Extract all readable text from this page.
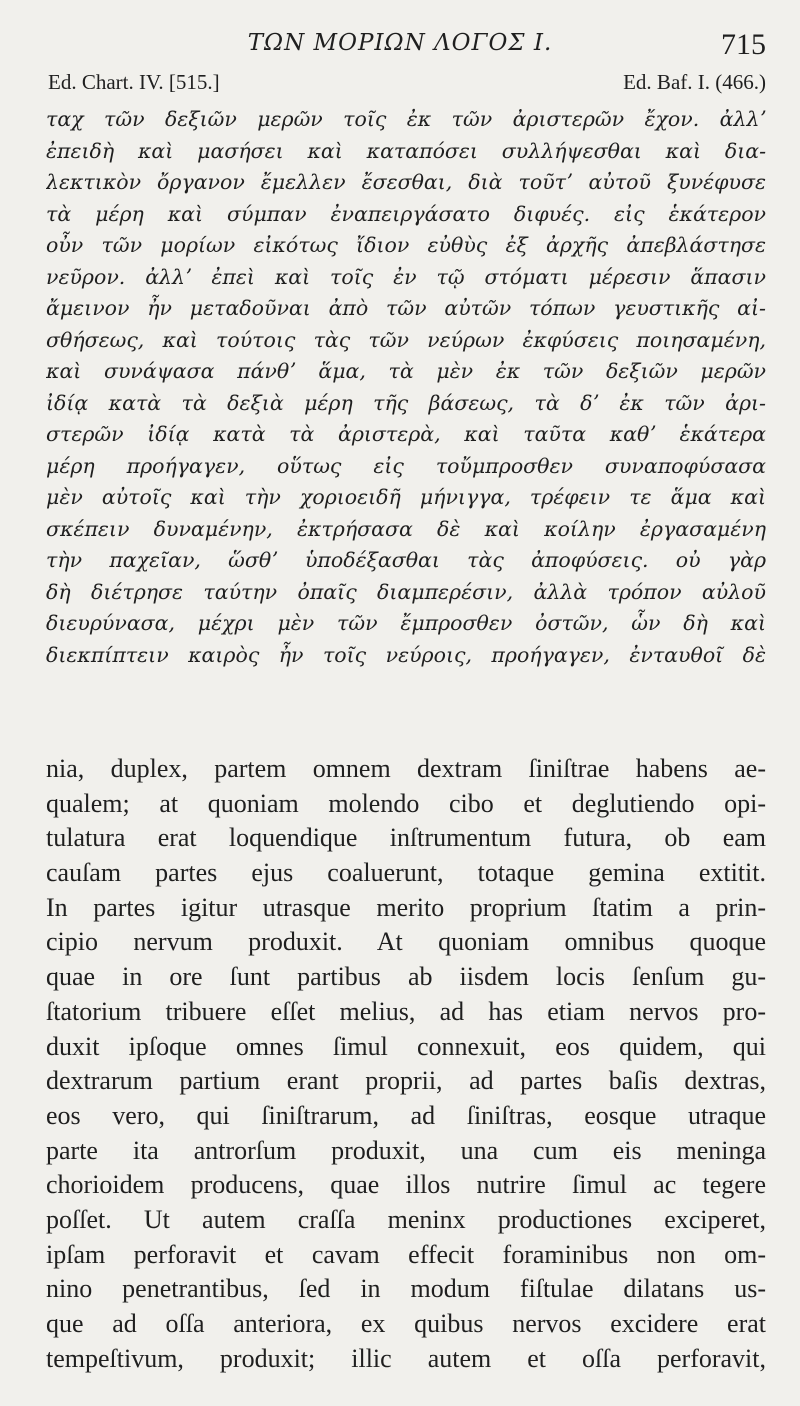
ΤΩΝ ΜΟΡΙΩΝ ΛΟΓΟΣ Ι.	715
Ed. Chart. IV. [515.]	Ed. Baf. I. (466.)
ταχ τῶν δεξιῶν μερῶν τοῖς ἐκ τῶν ἀριστερῶν ἔχον. ἀλλʼ
ἐπειδὴ καὶ μασήσει καὶ καταπόσει συλλήψεσθαι καὶ δια-
λεκτικὸν ὄργανον ἔμελλεν ἔσεσθαι, διὰ τοῦτʼ αὐτοῦ ξυνέφυσε
τὰ μέρη καὶ σύμπαν ἐναπειργάσατο διφυές. εἰς ἑκάτερον
οὖν τῶν μορίων εἰκότως ἴδιον εὐθὺς ἐξ ἀρχῆς ἀπεβλάστησε
νεῦρον. ἀλλʼ ἐπεὶ καὶ τοῖς ἐν τῷ στόματι μέρεσιν ἅπασιν
ἄμεινον ἦν μεταδοῦναι ἀπὸ τῶν αὐτῶν τόπων γευστικῆς αἰ-
σθήσεως, καὶ τούτοις τὰς τῶν νεύρων ἐκφύσεις ποιησαμένη,
καὶ συνάψασα πάνθʼ ἅμα, τὰ μὲν ἐκ τῶν δεξιῶν μερῶν
ἰδίᾳ κατὰ τὰ δεξιὰ μέρη τῆς βάσεως, τὰ δʼ ἐκ τῶν ἀρι-
στερῶν ἰδίᾳ κατὰ τὰ ἀριστερὰ, καὶ ταῦτα καθʼ ἑκάτερα
μέρη προήγαγεν, οὕτως εἰς τοὔμπροσθεν συναποφύσασα
μὲν αὐτοῖς καὶ τὴν χοριοειδῆ μήνιγγα, τρέφειν τε ἅμα καὶ
σκέπειν δυναμένην, ἐκτρήσασα δὲ καὶ κοίλην ἐργασαμένη
τὴν παχεῖαν, ὥσθʼ ὑποδέξασθαι τὰς ἀποφύσεις. οὐ γὰρ
δὴ διέτρησε ταύτην ὀπαῖς διαμπερέσιν, ἀλλὰ τρόπον αὐλοῦ
διευρύνασα, μέχρι μὲν τῶν ἔμπροσθεν ὀστῶν, ὧν δὴ καὶ
διεκπίπτειν καιρὸς ἦν τοῖς νεύροις, προήγαγεν, ἐνταυθοῖ δὲ
nia, duplex, partem omnem dextram ſiniſtrae habens ae-
qualem; at quoniam molendo cibo et deglutiendo opi-
tulatura erat loquendique inſtrumentum futura, ob eam
cauſam partes ejus coaluerunt, totaque gemina extitit.
In partes igitur utrasque merito proprium ſtatim a prin-
cipio nervum produxit. At quoniam omnibus quoque
quae in ore ſunt partibus ab iisdem locis ſenſum gu-
ſtatorium tribuere eſſet melius, ad has etiam nervos pro-
duxit ipſoque omnes ſimul connexuit, eos quidem, qui
dextrarum partium erant proprii, ad partes baſis dextras,
eos vero, qui ſiniſtrarum, ad ſiniſtras, eosque utraque
parte ita antrorſum produxit, una cum eis meninga
chorioidem producens, quae illos nutrire ſimul ac tegere
poſſet. Ut autem craſſa meninx productiones exciperet,
ipſam perforavit et cavam effecit foraminibus non om-
nino penetrantibus, ſed in modum fiſtulae dilatans us-
que ad oſſa anteriora, ex quibus nervos excidere erat
tempeſtivum, produxit; illic autem et oſſa perforavit,
